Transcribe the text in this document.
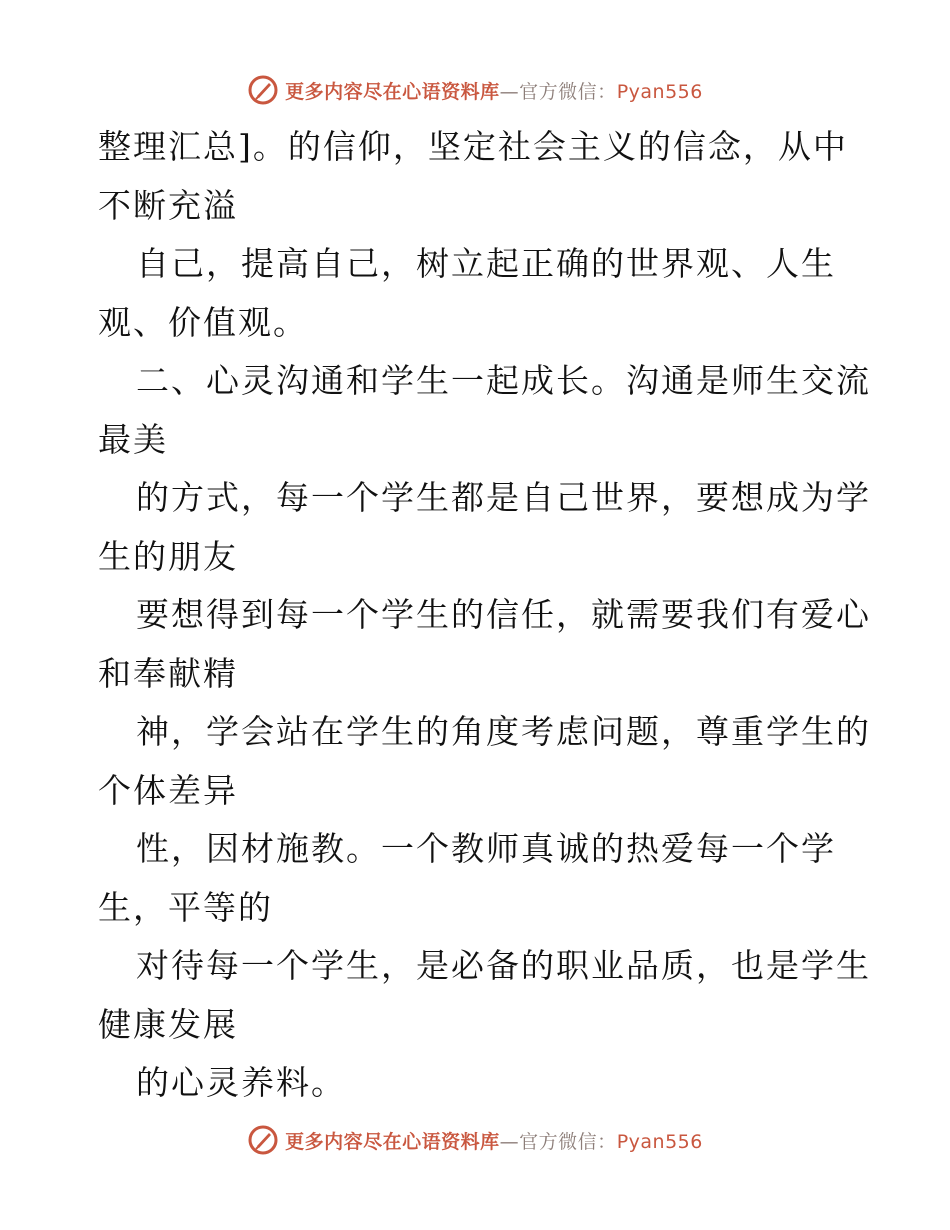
更多内容尽在心语资料库—官方微信：Pyan556
整理汇总]。的信仰，坚定社会主义的信念，从中
不断充溢
自己，提高自己，树立起正确的世界观、人生
观、价值观。
二、心灵沟通和学生一起成长。沟通是师生交流
最美
的方式，每一个学生都是自己世界，要想成为学
生的朋友
要想得到每一个学生的信任，就需要我们有爱心
和奉献精
神，学会站在学生的角度考虑问题，尊重学生的
个体差异
性，因材施教。一个教师真诚的热爱每一个学
生，平等的
对待每一个学生，是必备的职业品质，也是学生
健康发展
的心灵养料。
更多内容尽在心语资料库—官方微信：Pyan556
